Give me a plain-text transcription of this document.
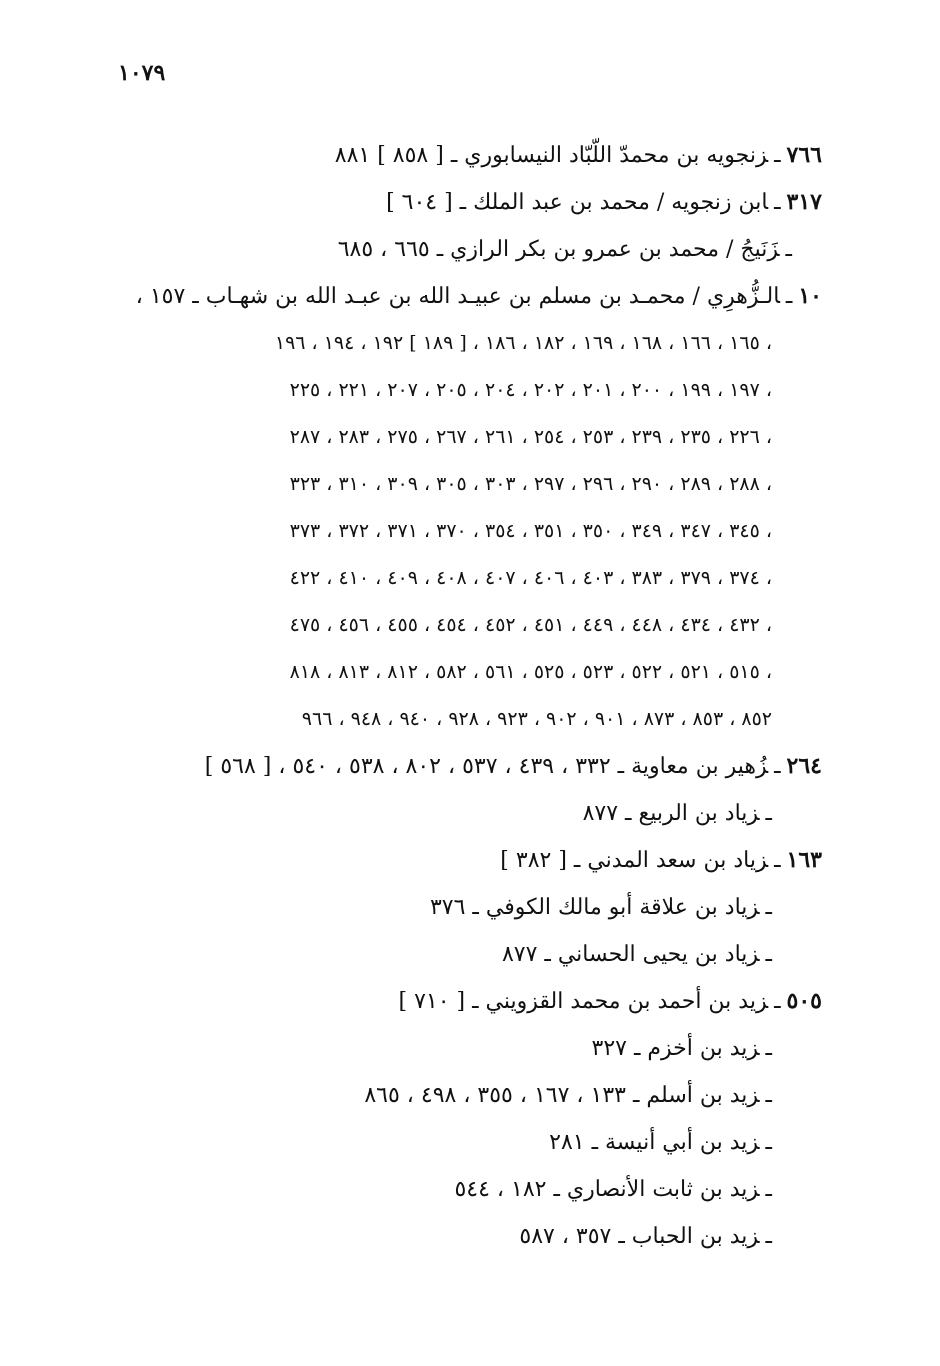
١٠٧٩
٧٦٦ـزنجويه بن محمدّ اللّبّاد النيسابوري ـ [ ٨٥٨ ] ٨٨١
٣١٧ـابن زنجويه / محمد بن عبد الملك ـ [ ٦٠٤ ]
ـزَنَيجُ / محمد بن عمرو بن بكر الرازي ـ ٦٦٥ ، ٦٨٥
١٠ـالـزُّهرِي / محمـد بن مسلم بن عبيـد الله بن عبـد الله بن شهـاب ـ ١٥٧ ،
١٦٥ ، ١٦٦ ، ١٦٨ ، ١٦٩ ، ١٨٢ ، ١٨٦ ، [ ١٨٩ ] ١٩٢ ، ١٩٤ ، ١٩٦ ،
١٩٧ ، ١٩٩ ، ٢٠٠ ، ٢٠١ ، ٢٠٢ ، ٢٠٤ ، ٢٠٥ ، ٢٠٧ ، ٢٢١ ، ٢٢٥ ،
٢٢٦ ، ٢٣٥ ، ٢٣٩ ، ٢٥٣ ، ٢٥٤ ، ٢٦١ ، ٢٦٧ ، ٢٧٥ ، ٢٨٣ ، ٢٨٧ ،
٢٨٨ ، ٢٨٩ ، ٢٩٠ ، ٢٩٦ ، ٢٩٧ ، ٣٠٣ ، ٣٠٥ ، ٣٠٩ ، ٣١٠ ، ٣٢٣ ،
٣٤٥ ، ٣٤٧ ، ٣٤٩ ، ٣٥٠ ، ٣٥١ ، ٣٥٤ ، ٣٧٠ ، ٣٧١ ، ٣٧٢ ، ٣٧٣ ،
٣٧٤ ، ٣٧٩ ، ٣٨٣ ، ٤٠٣ ، ٤٠٦ ، ٤٠٧ ، ٤٠٨ ، ٤٠٩ ، ٤١٠ ، ٤٢٢ ،
٤٣٢ ، ٤٣٤ ، ٤٤٨ ، ٤٤٩ ، ٤٥١ ، ٤٥٢ ، ٤٥٤ ، ٤٥٥ ، ٤٥٦ ، ٤٧٥ ،
٥١٥ ، ٥٢١ ، ٥٢٢ ، ٥٢٣ ، ٥٢٥ ، ٥٦١ ، ٥٨٢ ، ٨١٢ ، ٨١٣ ، ٨١٨ ،
٨٥٢ ، ٨٥٣ ، ٨٧٣ ، ٩٠١ ، ٩٠٢ ، ٩٢٣ ، ٩٢٨ ، ٩٤٠ ، ٩٤٨ ، ٩٦٦
٢٦٤ـزُهير بن معاوية ـ ٣٣٢ ، ٤٣٩ ، ٥٣٧ ، ٨٠٢ ، ٥٣٨ ، ٥٤٠ ، [ ٥٦٨ ]
ـزياد بن الربيع ـ ٨٧٧
١٦٣ـزياد بن سعد المدني ـ [ ٣٨٢ ]
ـزياد بن علاقة أبو مالك الكوفي ـ ٣٧٦
ـزياد بن يحيى الحساني ـ ٨٧٧
٥٠٥ـزيد بن أحمد بن محمد القزويني ـ [ ٧١٠ ]
ـزيد بن أخزم ـ ٣٢٧
ـزيد بن أسلم ـ ١٣٣ ، ١٦٧ ، ٣٥٥ ، ٤٩٨ ، ٨٦٥
ـزيد بن أبي أنيسة ـ ٢٨١
ـزيد بن ثابت الأنصاري ـ ١٨٢ ، ٥٤٤
ـزيد بن الحباب ـ ٣٥٧ ، ٥٨٧
